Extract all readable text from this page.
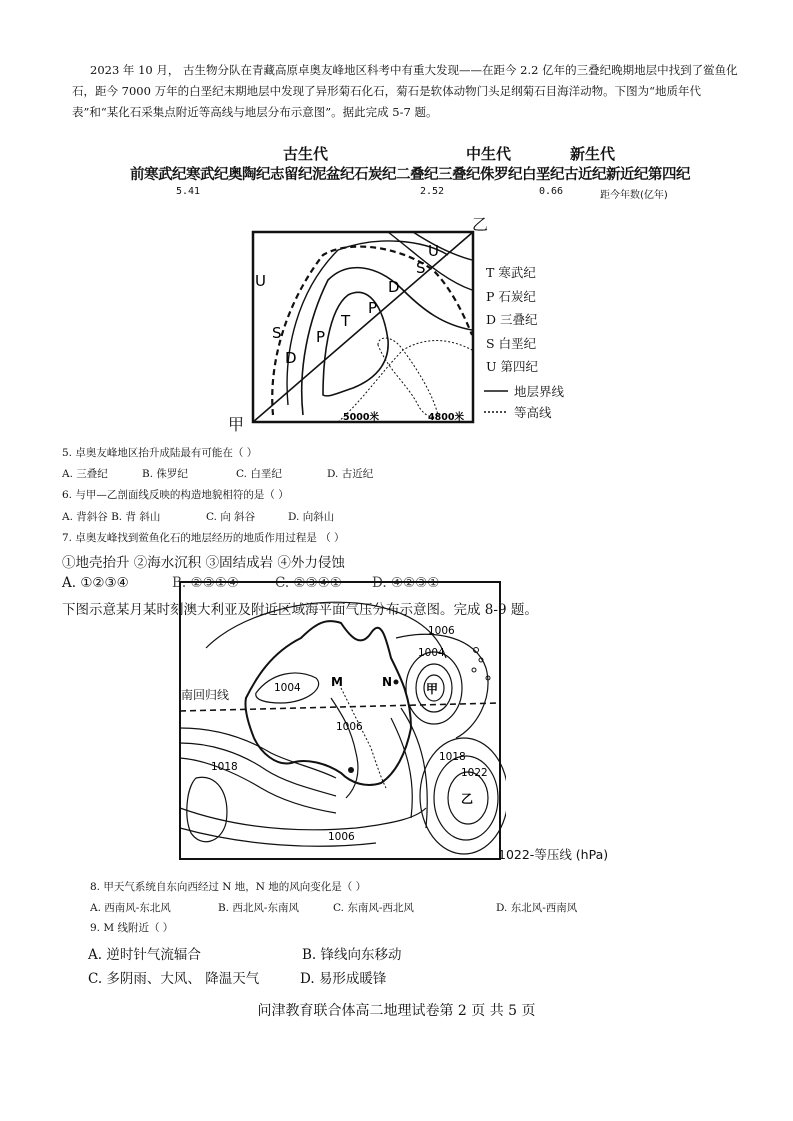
2023 年 10 月， 古生物分队在青藏高原卓奥友峰地区科考中有重大发现——在距今 2.2 亿年的三叠纪晚期地层中找到了鲎鱼化石，距今 7000 万年的白垩纪末期地层中发现了异形菊石化石，菊石是软体动物门头足纲菊石目海洋动物。下图为“地质年代表”和“某化石采集点附近等高线与地层分布示意图”。据此完成 5-7 题。
古生代	中生代	新生代
前寒武纪寒武纪奥陶纪志留纪泥盆纪石炭纪二叠纪三叠纪侏罗纪白垩纪古近纪新近纪第四纪
5.41	2.52	0.66	距今年数(亿年)
U
S
D
P
T
P
D
S
U
5000米	4800米
甲
乙
T 寒武纪
P 石炭纪
D 三叠纪
S 白垩纪
U 第四纪
地层界线
等高线
5. 卓奥友峰地区抬升成陆最有可能在（ ）
A. 三叠纪	B. 侏罗纪	C. 白垩纪	D. 古近纪
6. 与甲—乙剖面线反映的构造地貌相符的是（ ）
A. 背斜谷 B. 背 斜山	C. 向 斜谷	D. 向斜山
7. 卓奥友峰找到鲎鱼化石的地层经历的地质作用过程是 （ ）
①地壳抬升 ②海水沉积 ③固结成岩 ④外力侵蚀
A. ①②③④	B. ②③①④	C. ②③④① D. ④②③①
下图示意某月某时刻澳大利亚及附近区域海平面气压分布示意图。完成 8-9 题。
M	N	甲
乙
1006
1004
1004
1006
1018
1018
1022
1006
南回归线
1022-等压线 (hPa)
8. 甲天气系统自东向西经过 N 地，N 地的风向变化是（ ）
A. 西南风-东北风	B. 西北风-东南风	C. 东南风-西北风	D. 东北风-西南风
9. M 线附近（ ）
A. 逆时针气流辐合	B. 锋线向东移动
C. 多阴雨、大风、 降温天气	D. 易形成暖锋
问津教育联合体高二地理试卷第 2 页 共 5 页
